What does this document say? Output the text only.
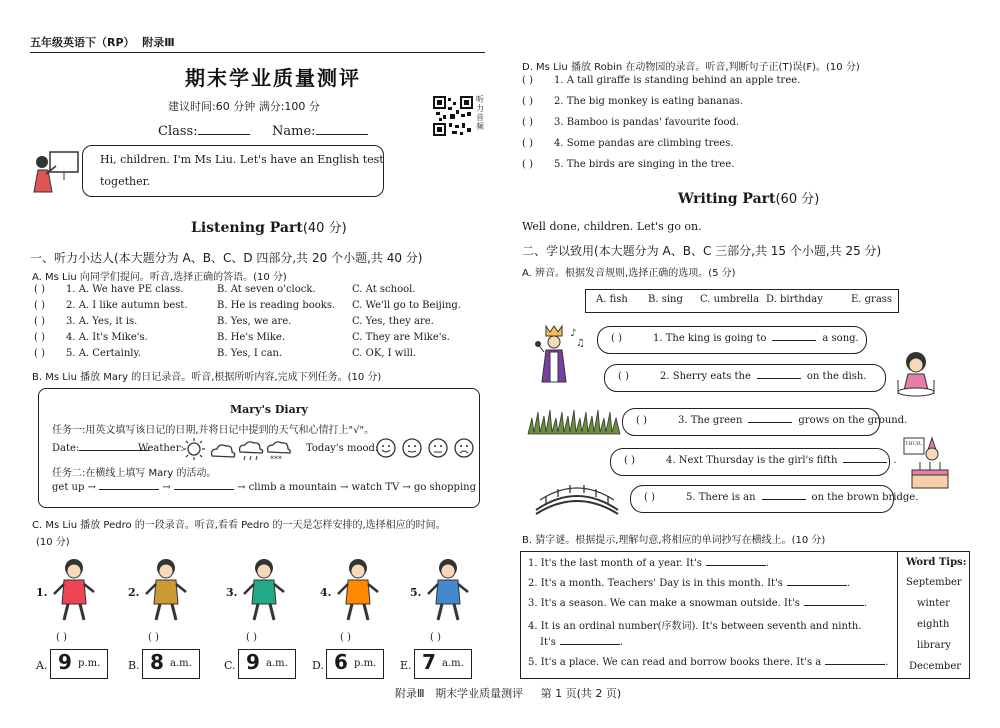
五年级英语下（RP） 附录Ⅲ
期末学业质量测评
建议时间:60 分钟 满分:100 分
Class:	Name:
听力音频
Hi, children. I'm Ms Liu. Let's have an English test
together.
Listening Part(40 分)
一、听力小达人(本大题分为 A、B、C、D 四部分,共 20 个小题,共 40 分)
A. Ms Liu 向同学们提问。听音,选择正确的答语。(10 分)
( ) 1. A. We have PE class.	B. At seven o'clock.	C. At school.
( ) 2. A. I like autumn best.	B. He is reading books. C. We'll go to Beijing.
( ) 3. A. Yes, it is.	B. Yes, we are.	C. Yes, they are.
( ) 4. A. It's Mike's.	B. He's Mike.	C. They are Mike's.
( ) 5. A. Certainly.	B. Yes, I can.	C. OK, I will.
B. Ms Liu 播放 Mary 的日记录音。听音,根据所听内容,完成下列任务。(10 分)
Mary's Diary
任务一:用英文填写该日记的日期,并将日记中提到的天气和心情打上"√"。
Date:	Weather:
***
Today's mood:
任务二:在横线上填写 Mary 的活动。
get up →	→	→ climb a mountain → watch TV → go shopping
C. Ms Liu 播放 Pedro 的一段录音。听音,看看 Pedro 的一天是怎样安排的,选择相应的时间。
(10 分)
1.
( )
2.
( )
3.
( )
4.
( )
5.
( )
A. 9 p.m.	B. 8 a.m.	C. 9 a.m. D. 6 p.m. E. 7 a.m.
D. Ms Liu 播放 Robin 在动物园的录音。听音,判断句子正(T)误(F)。(10 分)
( ) 1. A tall giraffe is standing behind an apple tree.
( ) 2. The big monkey is eating bananas.
( ) 3. Bamboo is pandas' favourite food.
( ) 4. Some pandas are climbing trees.
( ) 5. The birds are singing in the tree.
Writing Part(60 分)
Well done, children. Let's go on.
二、学以致用(本大题分为 A、B、C 三部分,共 15 个小题,共 25 分)
A. 辨音。根据发音规则,选择正确的选项。(5 分)
A. fish B. sing C. umbrella D. birthday	E. grass
( )	1. The king is going to	a song.
( )	2. Sherry eats the	on the dish.
( )	3. The green	grows on the ground.
( )	4. Next Thursday is the girl's fifth	.
( )	5. There is an	on the brown bridge.
♪
♫
THUR.
B. 猜字谜。根据提示,理解句意,将相应的单词抄写在横线上。(10 分)
1. It's the last month of a year. It's	.
2. It's a month. Teachers' Day is in this month. It's	.
3. It's a season. We can make a snowman outside. It's	.
4. It is an ordinal number(序数词). It's between seventh and ninth.
It's	.
5. It's a place. We can read and borrow books there. It's a	.
Word Tips:
September
winter
eighth
library
December
附录Ⅲ 期末学业质量测评 第 1 页(共 2 页)
